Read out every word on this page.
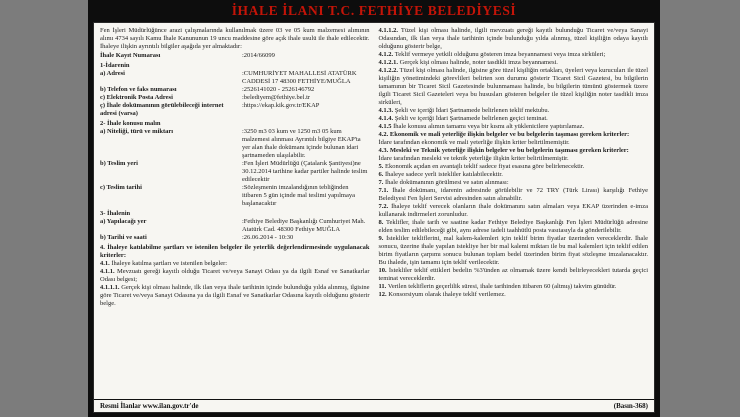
İHALE İLANI T.C. FETHİYE BELEDİYESİ

Fen İşleri Müdürlüğünce arazi çalışmalarında kullanılmak üzere 03 ve 05 kum malzemesi alımının alımı 4734 sayılı Kamu İhale Kanununun 19 uncu maddesine göre açık ihale usulü ile ihale edilecektir. İhaleye ilişkin ayrıntılı bilgiler aşağıda yer almaktadır:

İhale Kayıt Numarası	:2014/66099
1-İdarenin
a) Adresi	:CUMHURİYET MAHALLESİ ATATÜRK CADDESİ 17 48300 FETHİYE/MUĞLA
b) Telefon ve faks numarası	:2526141020 - 2526146792
c) Elektronik Posta Adresi	:belediyem@fethiye.bel.tr
ç) İhale dokümanının görülebileceği internet adresi (varsa)
:https://ekap.kik.gov.tr/EKAP
2- İhale konusu malın
a) Niteliği, türü ve miktarı	:3250 m3 03 kum ve 1250 m3 05 kum malzemesi alınması Ayrıntılı bilgiye EKAP'ta yer alan ihale dokümanı içinde bulunan idari şartnameden ulaşılabilir.
b) Teslim yeri	:Fen İşleri Müdürlüğü (Çatalarık Şantiyesi)ne 30.12.2014 tarihine kadar partiler halinde teslim edilecektir
c) Teslim tarihi	:Sözleşmenin imzalandığının tebliğinden itibaren 5 gün içinde mal teslimi yapılmaya başlanacaktır
3- İhalenin
a) Yapılacağı yer	:Fethiye Belediye Başkanlığı Cumhuriyet Mah. Atatürk Cad. 48300 Fethiye MUĞLA
b) Tarihi ve saati	:26.06.2014 - 10:30

4. İhaleye katılabilme şartları ve istenilen belgeler ile yeterlik değerlendirmesinde uygulanacak kriterler:

4.1. İhaleye katılma şartları ve istenilen belgeler:

4.1.1. Mevzuatı gereği kayıtlı olduğu Ticaret ve/veya Sanayi Odası ya da ilgili Esnaf ve Sanatkarlar Odası belgesi;

4.1.1.1. Gerçek kişi olması halinde, ilk ilan veya ihale tarihinin içinde bulunduğu yılda alınmış, ilgisine göre Ticaret ve/veya Sanayi Odasına ya da ilgili Esnaf ve Sanatkarlar Odasına kayıtlı olduğunu gösterir belge.

4.1.1.2. Tüzel kişi olması halinde, ilgili mevzuatı gereği kayıtlı bulunduğu Ticaret ve/veya Sanayi Odasından, ilk ilan veya ihale tarihinin içinde bulunduğu yılda alınmış, tüzel kişiliğin odaya kayıtlı olduğunu gösterir belge,

4.1.2. Teklif vermeye yetkili olduğunu gösteren imza beyannamesi veya imza sirküleri;

4.1.2.1. Gerçek kişi olması halinde, noter tasdikli imza beyannamesi.

4.1.2.2. Tüzel kişi olması halinde, ilgisine göre tüzel kişiliğin ortakları, üyeleri veya kurucuları ile tüzel kişiliğin yönetimindeki görevlileri belirten son durumu gösterir Ticaret Sicil Gazetesi, bu bilgilerin tamamının bir Ticaret Sicil Gazetesinde bulunmaması halinde, bu bilgilerin tümünü göstermek üzere ilgili Ticaret Sicil Gazeteleri veya bu hususları gösteren belgeler ile tüzel kişiliğin noter tasdikli imza sirküleri,

4.1.3. Şekli ve içeriği İdari Şartnamede belirlenen teklif mektubu.

4.1.4. Şekli ve içeriği İdari Şartnamede belirlenen geçici teminat.

4.1.5 İhale konusu alımın tamamı veya bir kısmı alt yüklenicilere yaptırılamaz.

4.2. Ekonomik ve mali yeterliğe ilişkin belgeler ve bu belgelerin taşıması gereken kriterler:

İdare tarafından ekonomik ve mali yeterliğe ilişkin kriter belirtilmemiştir.

4.3. Mesleki ve Teknik yeterliğe ilişkin belgeler ve bu belgelerin taşıması gereken kriterler:

İdare tarafından mesleki ve teknik yeterliğe ilişkin kriter belirtilmemiştir.

5. Ekonomik açıdan en avantajlı teklif sadece fiyat esasına göre belirlenecektir.

6. İhaleye sadece yerli istekliler katılabilecektir.

7. İhale dokümanının görülmesi ve satın alınması:

7.1. İhale dokümanı, idarenin adresinde görülebilir ve 72 TRY (Türk Lirası) karşılığı Fethiye Belediyesi Fen İşleri Servisi adresinden satın alınabilir.

7.2. İhaleye teklif verecek olanların ihale dokümanını satın almaları veya EKAP üzerinden e-imza kullanarak indirmeleri zorunludur.

8. Teklifler, ihale tarih ve saatine kadar Fethiye Belediye Başkanlığı Fen İşleri Müdürlüğü adresine elden teslim edilebileceği gibi, aynı adrese iadeli taahhütlü posta vasıtasıyla da gönderilebilir.

9. İstekliler tekliflerini, mal kalem-kalemleri için teklif birim fiyatlar üzerinden vereceklerdir. İhale sonucu, üzerine ihale yapılan istekliye her bir mal kalemi miktarı ile bu mal kalemleri için teklif edilen birim fiyatların çarpımı sonucu bulunan toplam bedel üzerinden birim fiyat sözleşme imzalanacaktır. Bu ihalede, işin tamamı için teklif verilecektir.

10. İstekliler teklif ettikleri bedelin %3'ünden az olmamak üzere kendi belirleyecekleri tutarda geçici teminat vereceklerdir.

11. Verilen tekliflerin geçerlilik süresi, ihale tarihinden itibaren 60 (altmış) takvim günüdür.

12. Konsorsiyum olarak ihaleye teklif verilemez.

Resmi İlanlar www.ilan.gov.tr'de	(Basın-368)
